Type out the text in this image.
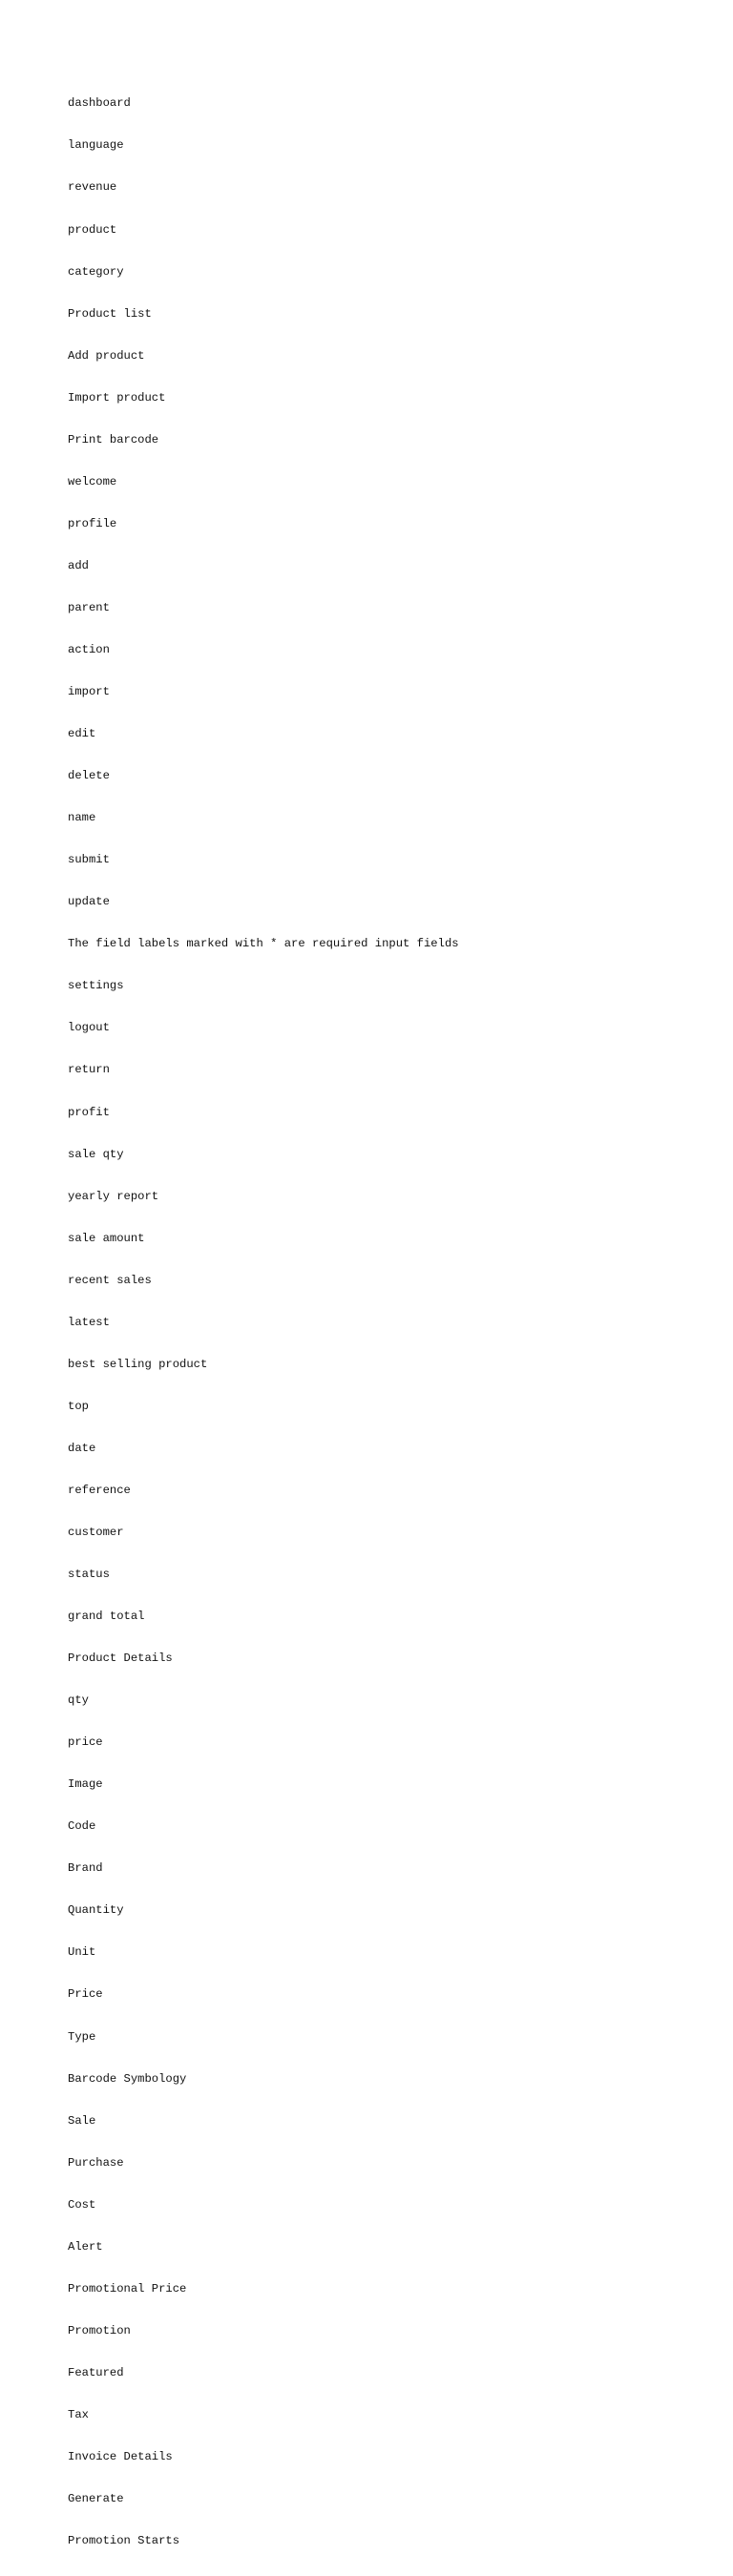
dashboard

language

revenue

product

category

Product list

Add product

Import product

Print barcode

welcome

profile

add

parent

action

import

edit

delete

name

submit

update

The field labels marked with * are required input fields

settings

logout

return

profit

sale qty

yearly report

sale amount

recent sales

latest

best selling product

top

date

reference

customer

status

grand total

Product Details

qty

price

Image

Code

Brand

Quantity

Unit

Price

Type

Barcode Symbology

Sale

Purchase

Cost

Alert

Promotional Price

Promotion

Featured

Tax

Invoice Details

Generate

Promotion Starts
